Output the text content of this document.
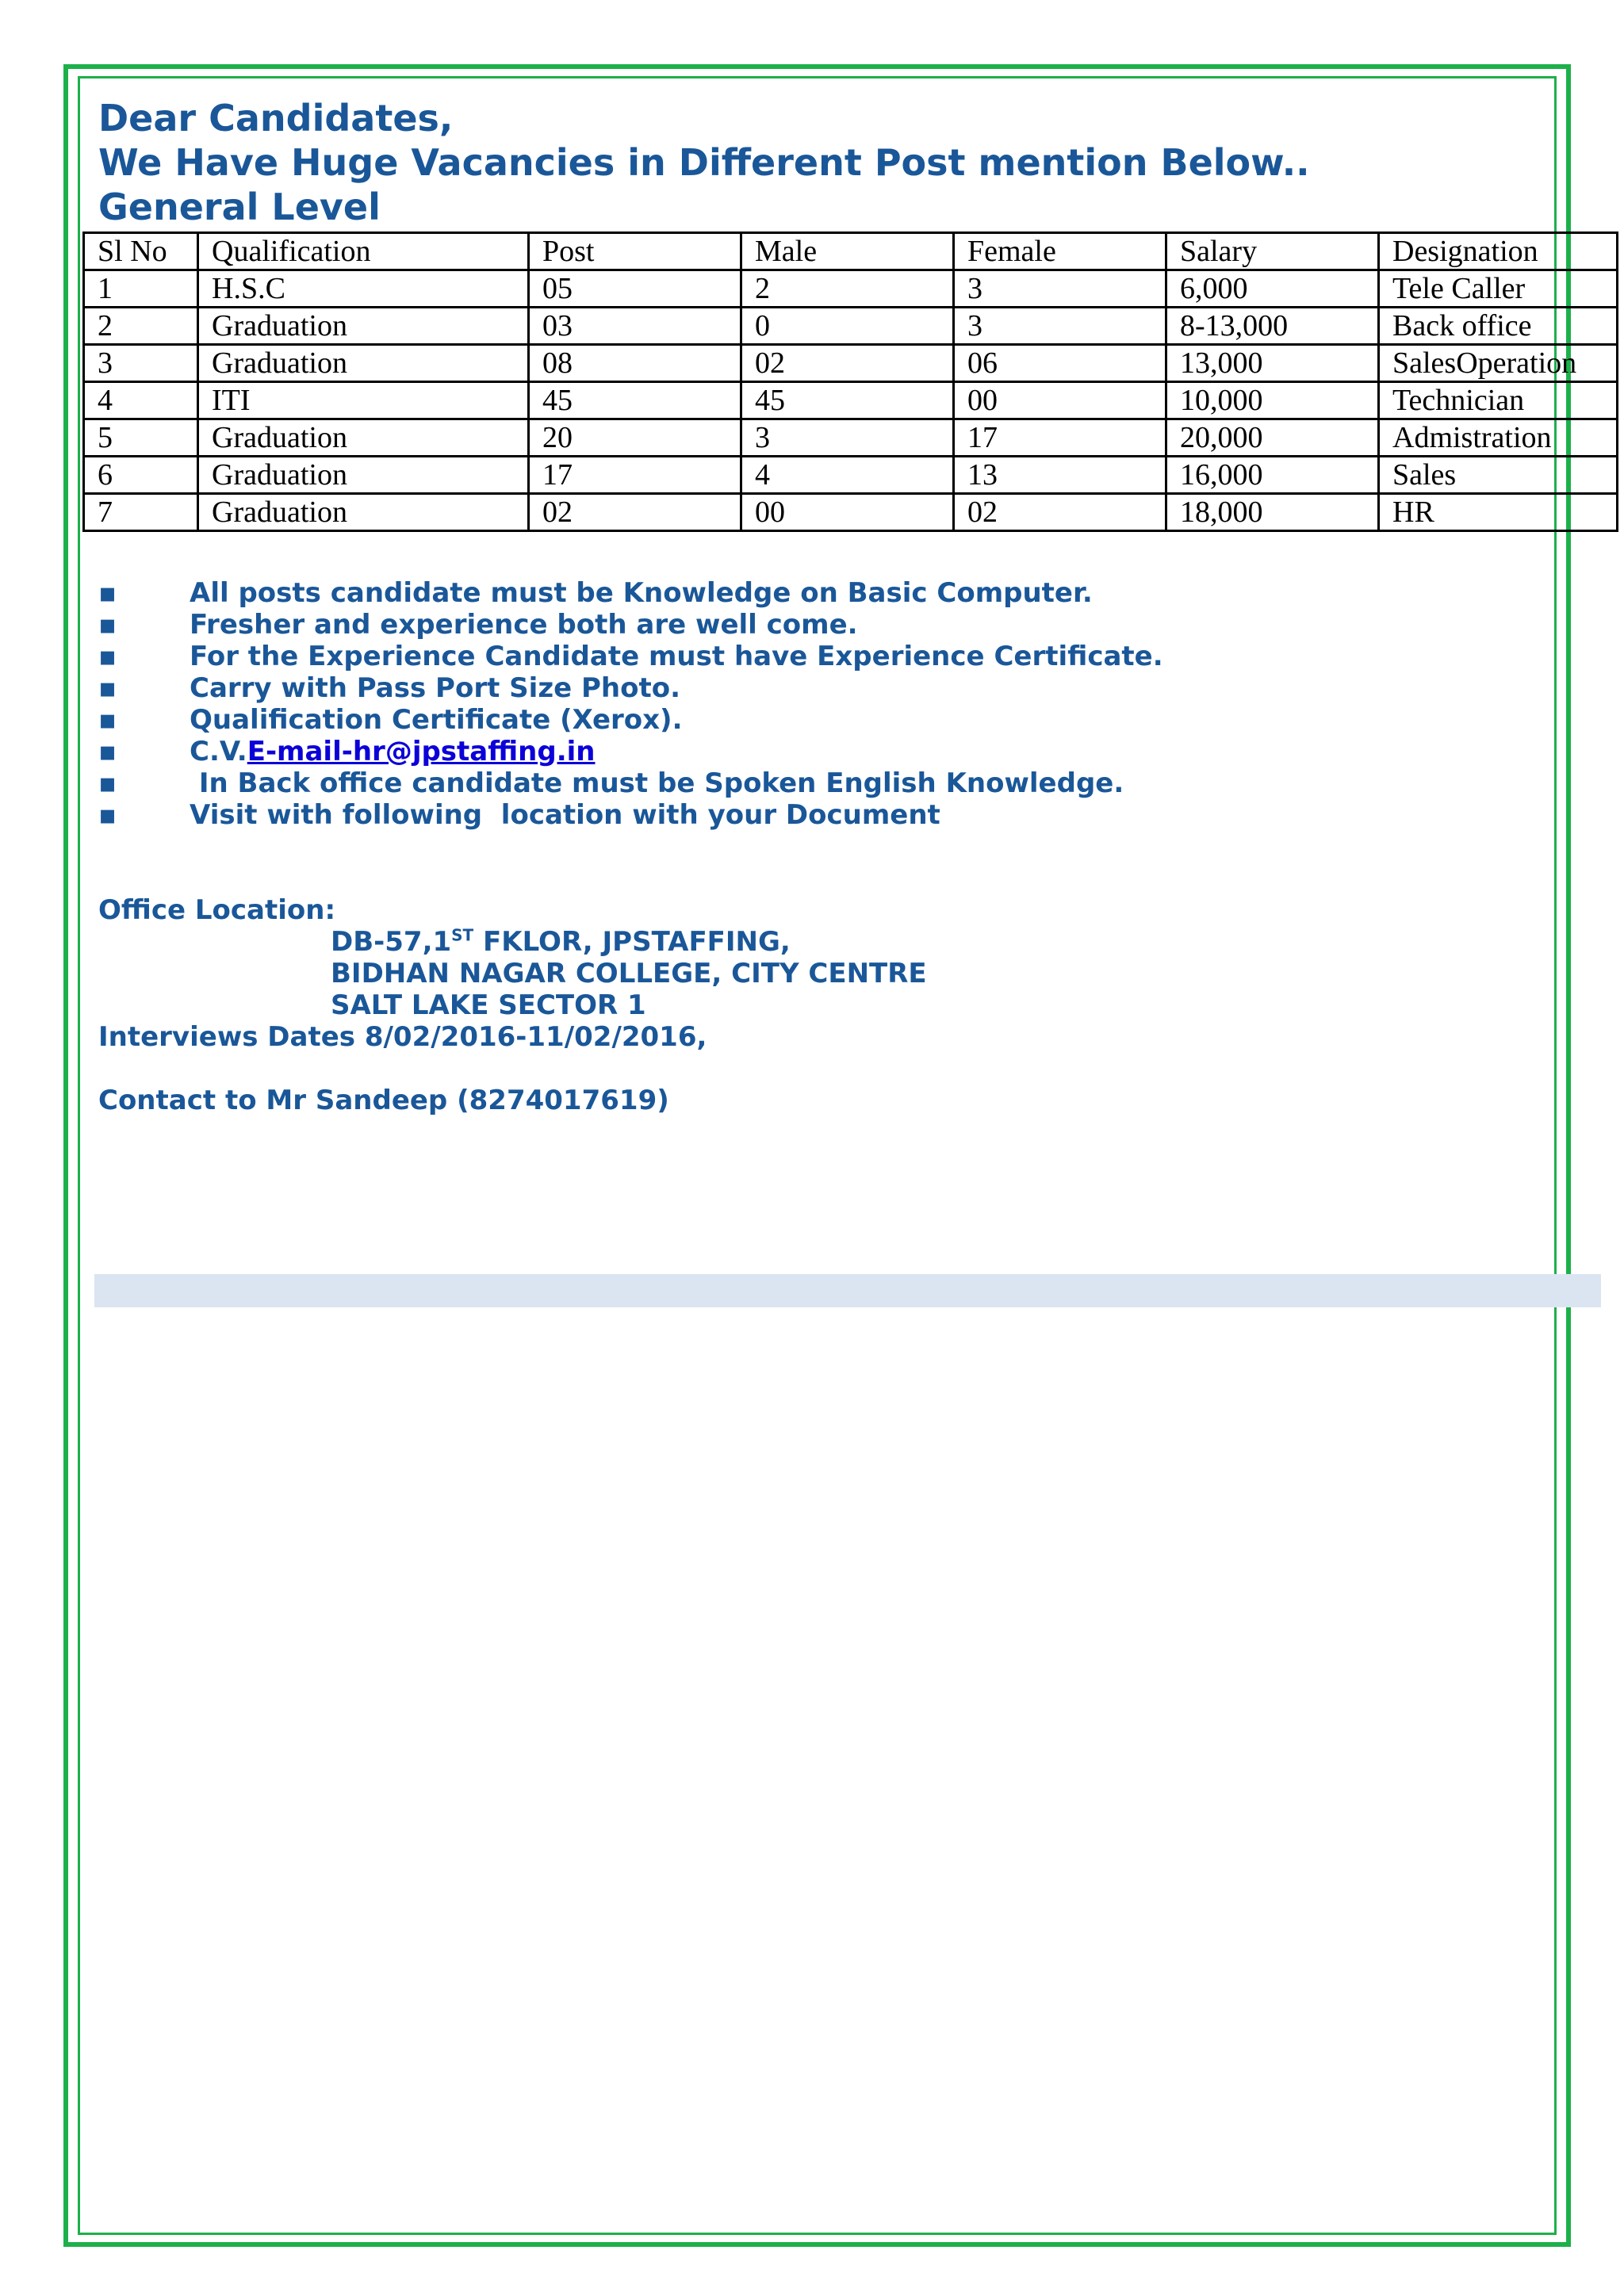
Dear Candidates,
We Have Huge Vacancies in Different Post mention Below..
General Level
Sl No	Qualification	Post	Male	Female	Salary	Designation
1	H.S.C	05	2	3	6,000	Tele Caller
2	Graduation	03	0	3	8-13,000	Back office
3	Graduation	08	02	06	13,000	SalesOperation
4	ITI	45	45	00	10,000	Technician
5	Graduation	20	3	17	20,000	Admistration
6	Graduation	17	4	13	16,000	Sales
7	Graduation	02	00	02	18,000	HR
▪	All posts candidate must be Knowledge on Basic Computer.
▪	Fresher and experience both are well come.
▪	For the Experience Candidate must have Experience Certificate.
▪	Carry with Pass Port Size Photo.
▪	Qualification Certificate (Xerox).
▪	C.V.E-mail-hr@jpstaffing.in
▪	In Back office candidate must be Spoken English Knowledge.
▪	Visit with following  location with your Document

Office Location:

DB-57,1ST FKLOR, JPSTAFFING,

BIDHAN NAGAR COLLEGE, CITY CENTRE

SALT LAKE SECTOR 1

Interviews Dates 8/02/2016-11/02/2016,

Contact to Mr Sandeep (8274017619)
